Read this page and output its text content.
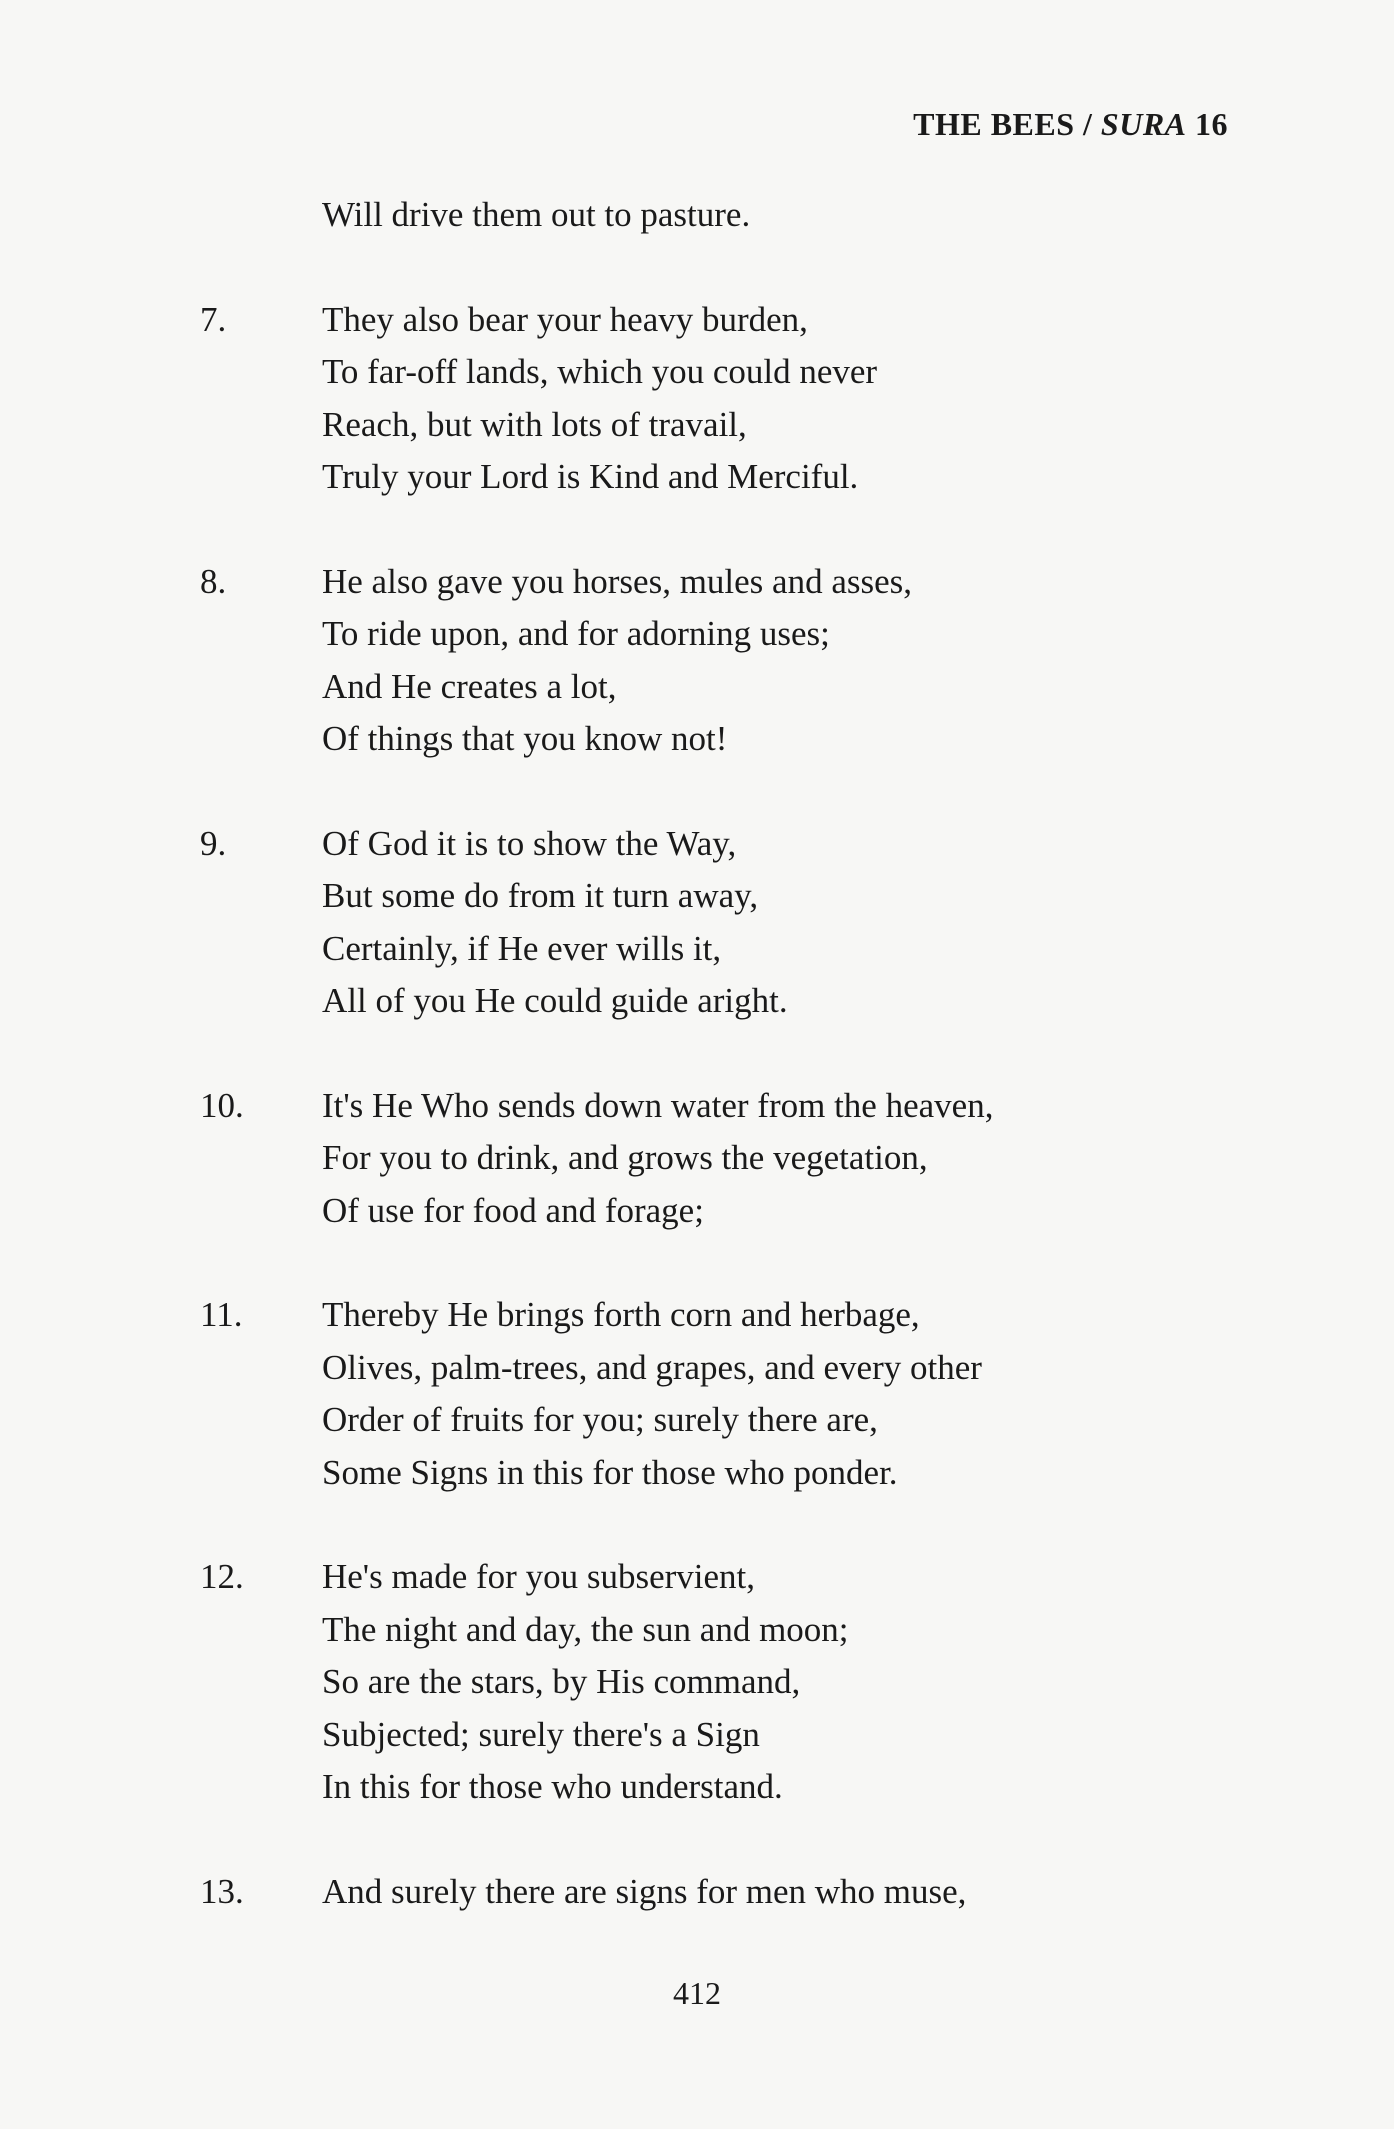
THE BEES / SURA 16
Will drive them out to pasture.
7.	They also bear your heavy burden,
To far-off lands, which you could never
Reach, but with lots of travail,
Truly your Lord is Kind and Merciful.
8.	He also gave you horses, mules and asses,
To ride upon, and for adorning uses;
And He creates a lot,
Of things that you know not!
9.	Of God it is to show the Way,
But some do from it turn away,
Certainly, if He ever wills it,
All of you He could guide aright.
10.	It's He Who sends down water from the heaven,
For you to drink, and grows the vegetation,
Of use for food and forage;
11.	Thereby He brings forth corn and herbage,
Olives, palm-trees, and grapes, and every other
Order of fruits for you; surely there are,
Some Signs in this for those who ponder.
12.	He's made for you subservient,
The night and day, the sun and moon;
So are the stars, by His command,
Subjected; surely there's a Sign
In this for those who understand.
13.	And surely there are signs for men who muse,
412
